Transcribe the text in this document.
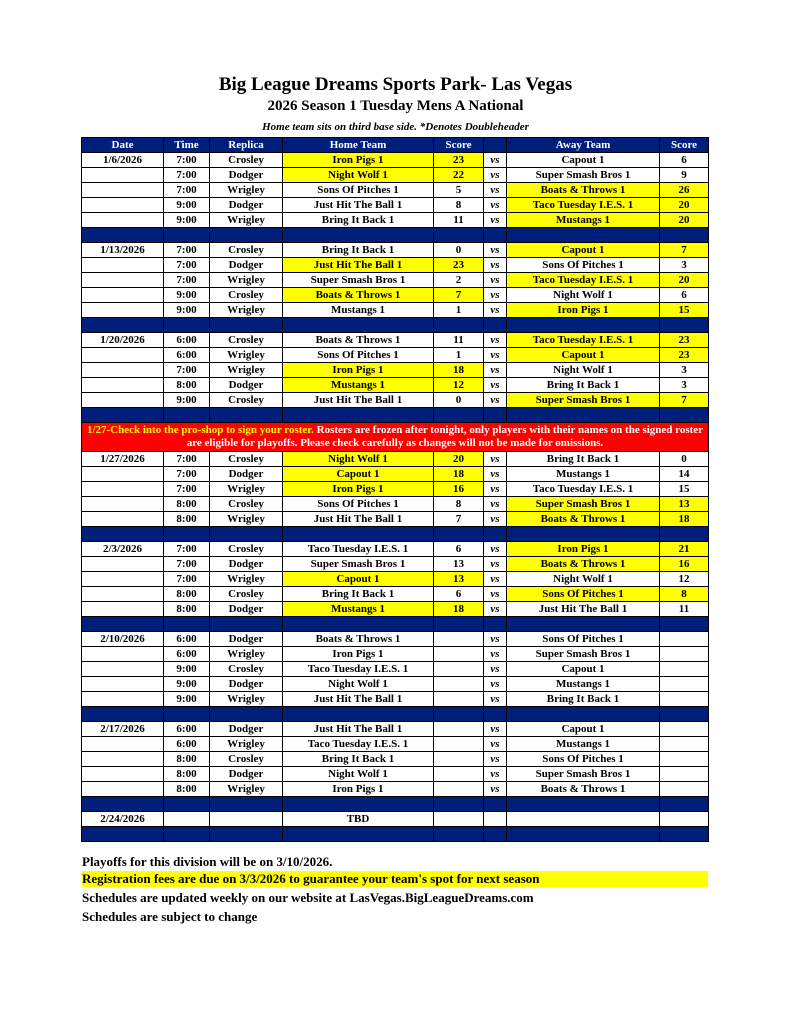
Big League Dreams Sports Park- Las Vegas
2026 Season 1 Tuesday Mens A National
Home team sits on third base side. *Denotes Doubleheader
Date	Time	Replica	Home Team	Score		Away Team	Score
1/6/2026	7:00	Crosley	Iron Pigs 1	23	vs	Capout 1	6
	7:00	Dodger	Night Wolf 1	22	vs	Super Smash Bros 1	9
	7:00	Wrigley	Sons Of Pitches 1	5	vs	Boats & Throws 1	26
	9:00	Dodger	Just Hit The Ball 1	8	vs	Taco Tuesday I.E.S. 1	20
	9:00	Wrigley	Bring It Back 1	11	vs	Mustangs 1	20

1/13/2026	7:00	Crosley	Bring It Back 1	0	vs	Capout 1	7
	7:00	Dodger	Just Hit The Ball 1	23	vs	Sons Of Pitches 1	3
	7:00	Wrigley	Super Smash Bros 1	2	vs	Taco Tuesday I.E.S. 1	20
	9:00	Crosley	Boats & Throws 1	7	vs	Night Wolf 1	6
	9:00	Wrigley	Mustangs 1	1	vs	Iron Pigs 1	15

1/20/2026	6:00	Crosley	Boats & Throws 1	11	vs	Taco Tuesday I.E.S. 1	23
	6:00	Wrigley	Sons Of Pitches 1	1	vs	Capout 1	23
	7:00	Wrigley	Iron Pigs 1	18	vs	Night Wolf 1	3
	8:00	Dodger	Mustangs 1	12	vs	Bring It Back 1	3
	9:00	Crosley	Just Hit The Ball 1	0	vs	Super Smash Bros 1	7

1/27-Check into the pro-shop to sign your roster. Rosters are frozen after tonight, only players with their names on the signed roster are eligible for playoffs. Please check carefully as changes will not be made for omissions.							
1/27/2026	7:00	Crosley	Night Wolf 1	20	vs	Bring It Back 1	0
	7:00	Dodger	Capout 1	18	vs	Mustangs 1	14
	7:00	Wrigley	Iron Pigs 1	16	vs	Taco Tuesday I.E.S. 1	15
	8:00	Crosley	Sons Of Pitches 1	8	vs	Super Smash Bros 1	13
	8:00	Wrigley	Just Hit The Ball 1	7	vs	Boats & Throws 1	18

2/3/2026	7:00	Crosley	Taco Tuesday I.E.S. 1	6	vs	Iron Pigs 1	21
	7:00	Dodger	Super Smash Bros 1	13	vs	Boats & Throws 1	16
	7:00	Wrigley	Capout 1	13	vs	Night Wolf 1	12
	8:00	Crosley	Bring It Back 1	6	vs	Sons Of Pitches 1	8
	8:00	Dodger	Mustangs 1	18	vs	Just Hit The Ball 1	11

2/10/2026	6:00	Dodger	Boats & Throws 1		vs	Sons Of Pitches 1	
	6:00	Wrigley	Iron Pigs 1		vs	Super Smash Bros 1	
	9:00	Crosley	Taco Tuesday I.E.S. 1		vs	Capout 1	
	9:00	Dodger	Night Wolf 1		vs	Mustangs 1	
	9:00	Wrigley	Just Hit The Ball 1		vs	Bring It Back 1	

2/17/2026	6:00	Dodger	Just Hit The Ball 1		vs	Capout 1	
	6:00	Wrigley	Taco Tuesday I.E.S. 1		vs	Mustangs 1	
	8:00	Crosley	Bring It Back 1		vs	Sons Of Pitches 1	
	8:00	Dodger	Night Wolf 1		vs	Super Smash Bros 1	
	8:00	Wrigley	Iron Pigs 1		vs	Boats & Throws 1	

2/24/2026			TBD				

Playoffs for this division will be on 3/10/2026.
Registration fees are due on 3/3/2026 to guarantee your team's spot for next season
Schedules are updated weekly on our website at LasVegas.BigLeagueDreams.com
Schedules are subject to change
